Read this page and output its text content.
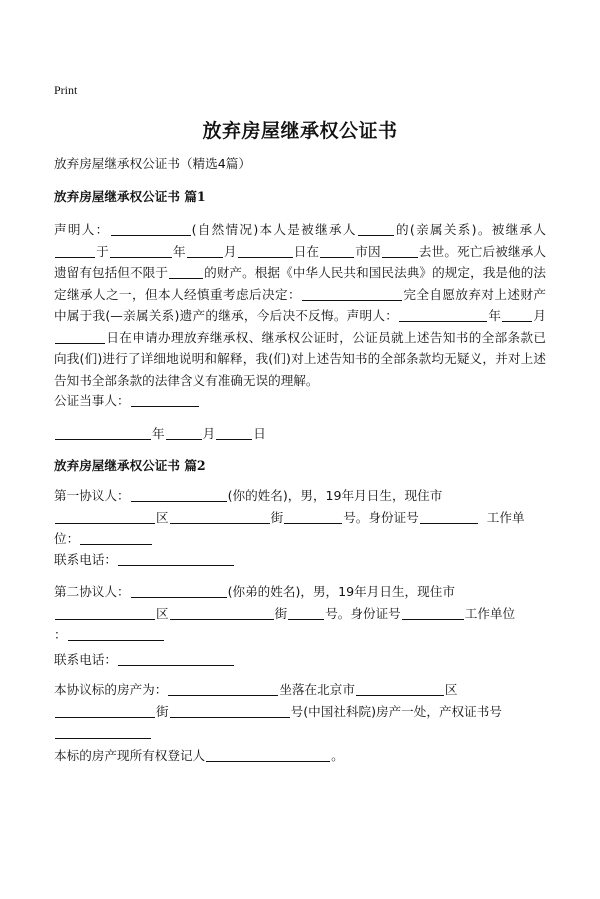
Print
放弃房屋继承权公证书
放弃房屋继承权公证书（精选4篇）
放弃房屋继承权公证书 篇1
声明人：	(自然情况)本人是被继承人	的(亲属关系)。被继承人于	年	月	日在	市因	去世。死亡后被继承人遗留有包括但不限于	的财产。根据《中华人民共和国民法典》的规定，我是他的法定继承人之一，但本人经慎重考虑后决定：	完全自愿放弃对上述财产中属于我(—亲属关系)遗产的继承，今后决不反悔。声明人：	年	月日在申请办理放弃继承权、继承权公证时，公证员就上述告知书的全部条款已向我(们)进行了详细地说明和解释，我(们)对上述告知书的全部条款均无疑义，并对上述告知书全部条款的法律含义有准确无误的理解。
公证当事人：
年	月	日
放弃房屋继承权公证书 篇2
第一协议人：	(你的姓名)，男，19年月日生，现住市
区	街	号。身份证号	工作单位：
联系电话：
第二协议人：	(你弟的姓名)，男，19年月日生，现住市
区	街	号。身份证号	工作单位
：
联系电话：
本协议标的房产为：	坐落在北京市	区
街	号(中国社科院)房产一处，产权证书号

本标的房产现所有权登记人	。
